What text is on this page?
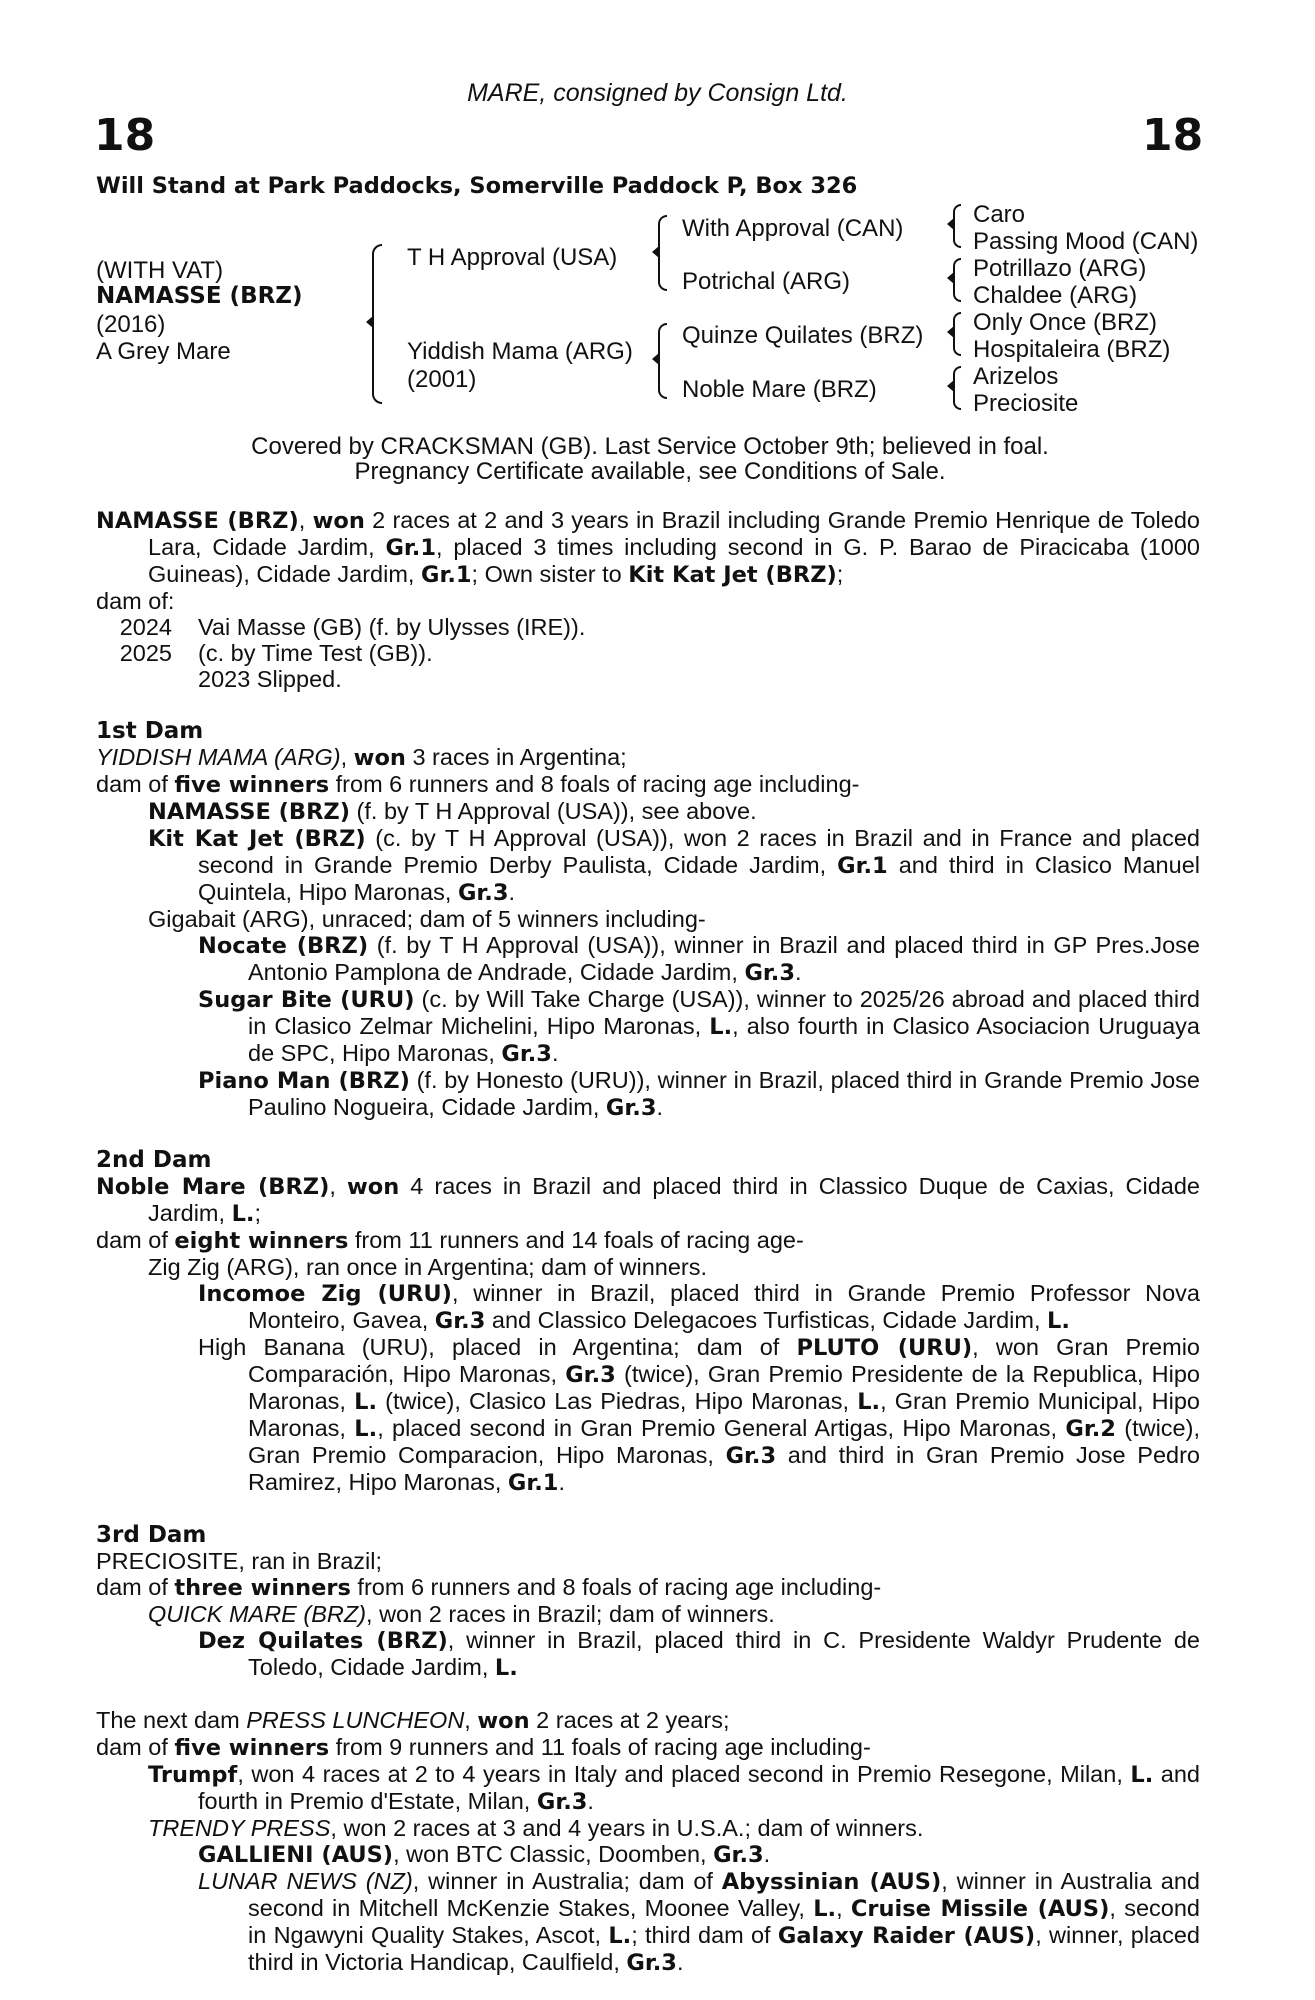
MARE, consigned by Consign Ltd.
18	18
Will Stand at Park Paddocks, Somerville Paddock P, Box 326
(WITH VAT)
NAMASSE (BRZ)
(2016)
A Grey Mare
T H Approval (USA)
Yiddish Mama (ARG)
(2001)
With Approval (CAN)
Potrichal (ARG)
Quinze Quilates (BRZ)
Noble Mare (BRZ)
Caro
Passing Mood (CAN)
Potrillazo (ARG)
Chaldee (ARG)
Only Once (BRZ)
Hospitaleira (BRZ)
Arizelos
Preciosite
Covered by CRACKSMAN (GB). Last Service October 9th; believed in foal.
Pregnancy Certificate available, see Conditions of Sale.

NAMASSE (BRZ), won 2 races at 2 and 3 years in Brazil including Grande Premio Henrique de Toledo Lara, Cidade Jardim, Gr.1, placed 3 times including second in G. P. Barao de Piracicaba (1000 Guineas), Cidade Jardim, Gr.1; Own sister to Kit Kat Jet (BRZ);

dam of:

2024	Vai Masse (GB) (f. by Ulysses (IRE)).
2025	(c. by Time Test (GB)).
2023 Slipped.

1st Dam

YIDDISH MAMA (ARG), won 3 races in Argentina;

dam of five winners from 6 runners and 8 foals of racing age including-

NAMASSE (BRZ) (f. by T H Approval (USA)), see above.

Kit Kat Jet (BRZ) (c. by T H Approval (USA)), won 2 races in Brazil and in France and placed second in Grande Premio Derby Paulista, Cidade Jardim, Gr.1 and third in Clasico Manuel Quintela, Hipo Maronas, Gr.3.

Gigabait (ARG), unraced; dam of 5 winners including-

Nocate (BRZ) (f. by T H Approval (USA)), winner in Brazil and placed third in GP Pres.Jose Antonio Pamplona de Andrade, Cidade Jardim, Gr.3.

Sugar Bite (URU) (c. by Will Take Charge (USA)), winner to 2025/26 abroad and placed third in Clasico Zelmar Michelini, Hipo Maronas, L., also fourth in Clasico Asociacion Uruguaya de SPC, Hipo Maronas, Gr.3.

Piano Man (BRZ) (f. by Honesto (URU)), winner in Brazil, placed third in Grande Premio Jose Paulino Nogueira, Cidade Jardim, Gr.3.

2nd Dam

Noble Mare (BRZ), won 4 races in Brazil and placed third in Classico Duque de Caxias, Cidade Jardim, L.;

dam of eight winners from 11 runners and 14 foals of racing age-

Zig Zig (ARG), ran once in Argentina; dam of winners.

Incomoe Zig (URU), winner in Brazil, placed third in Grande Premio Professor Nova Monteiro, Gavea, Gr.3 and Classico Delegacoes Turfisticas, Cidade Jardim, L.

High Banana (URU), placed in Argentina; dam of PLUTO (URU), won Gran Premio Comparación, Hipo Maronas, Gr.3 (twice), Gran Premio Presidente de la Republica, Hipo Maronas, L. (twice), Clasico Las Piedras, Hipo Maronas, L., Gran Premio Municipal, Hipo Maronas, L., placed second in Gran Premio General Artigas, Hipo Maronas, Gr.2 (twice), Gran Premio Comparacion, Hipo Maronas, Gr.3 and third in Gran Premio Jose Pedro Ramirez, Hipo Maronas, Gr.1.

3rd Dam

PRECIOSITE, ran in Brazil;

dam of three winners from 6 runners and 8 foals of racing age including-

QUICK MARE (BRZ), won 2 races in Brazil; dam of winners.

Dez Quilates (BRZ), winner in Brazil, placed third in C. Presidente Waldyr Prudente de Toledo, Cidade Jardim, L.

The next dam PRESS LUNCHEON, won 2 races at 2 years;

dam of five winners from 9 runners and 11 foals of racing age including-

Trumpf, won 4 races at 2 to 4 years in Italy and placed second in Premio Resegone, Milan, L. and fourth in Premio d'Estate, Milan, Gr.3.

TRENDY PRESS, won 2 races at 3 and 4 years in U.S.A.; dam of winners.

GALLIENI (AUS), won BTC Classic, Doomben, Gr.3.

LUNAR NEWS (NZ), winner in Australia; dam of Abyssinian (AUS), winner in Australia and second in Mitchell McKenzie Stakes, Moonee Valley, L., Cruise Missile (AUS), second in Ngawyni Quality Stakes, Ascot, L.; third dam of Galaxy Raider (AUS), winner, placed third in Victoria Handicap, Caulfield, Gr.3.
